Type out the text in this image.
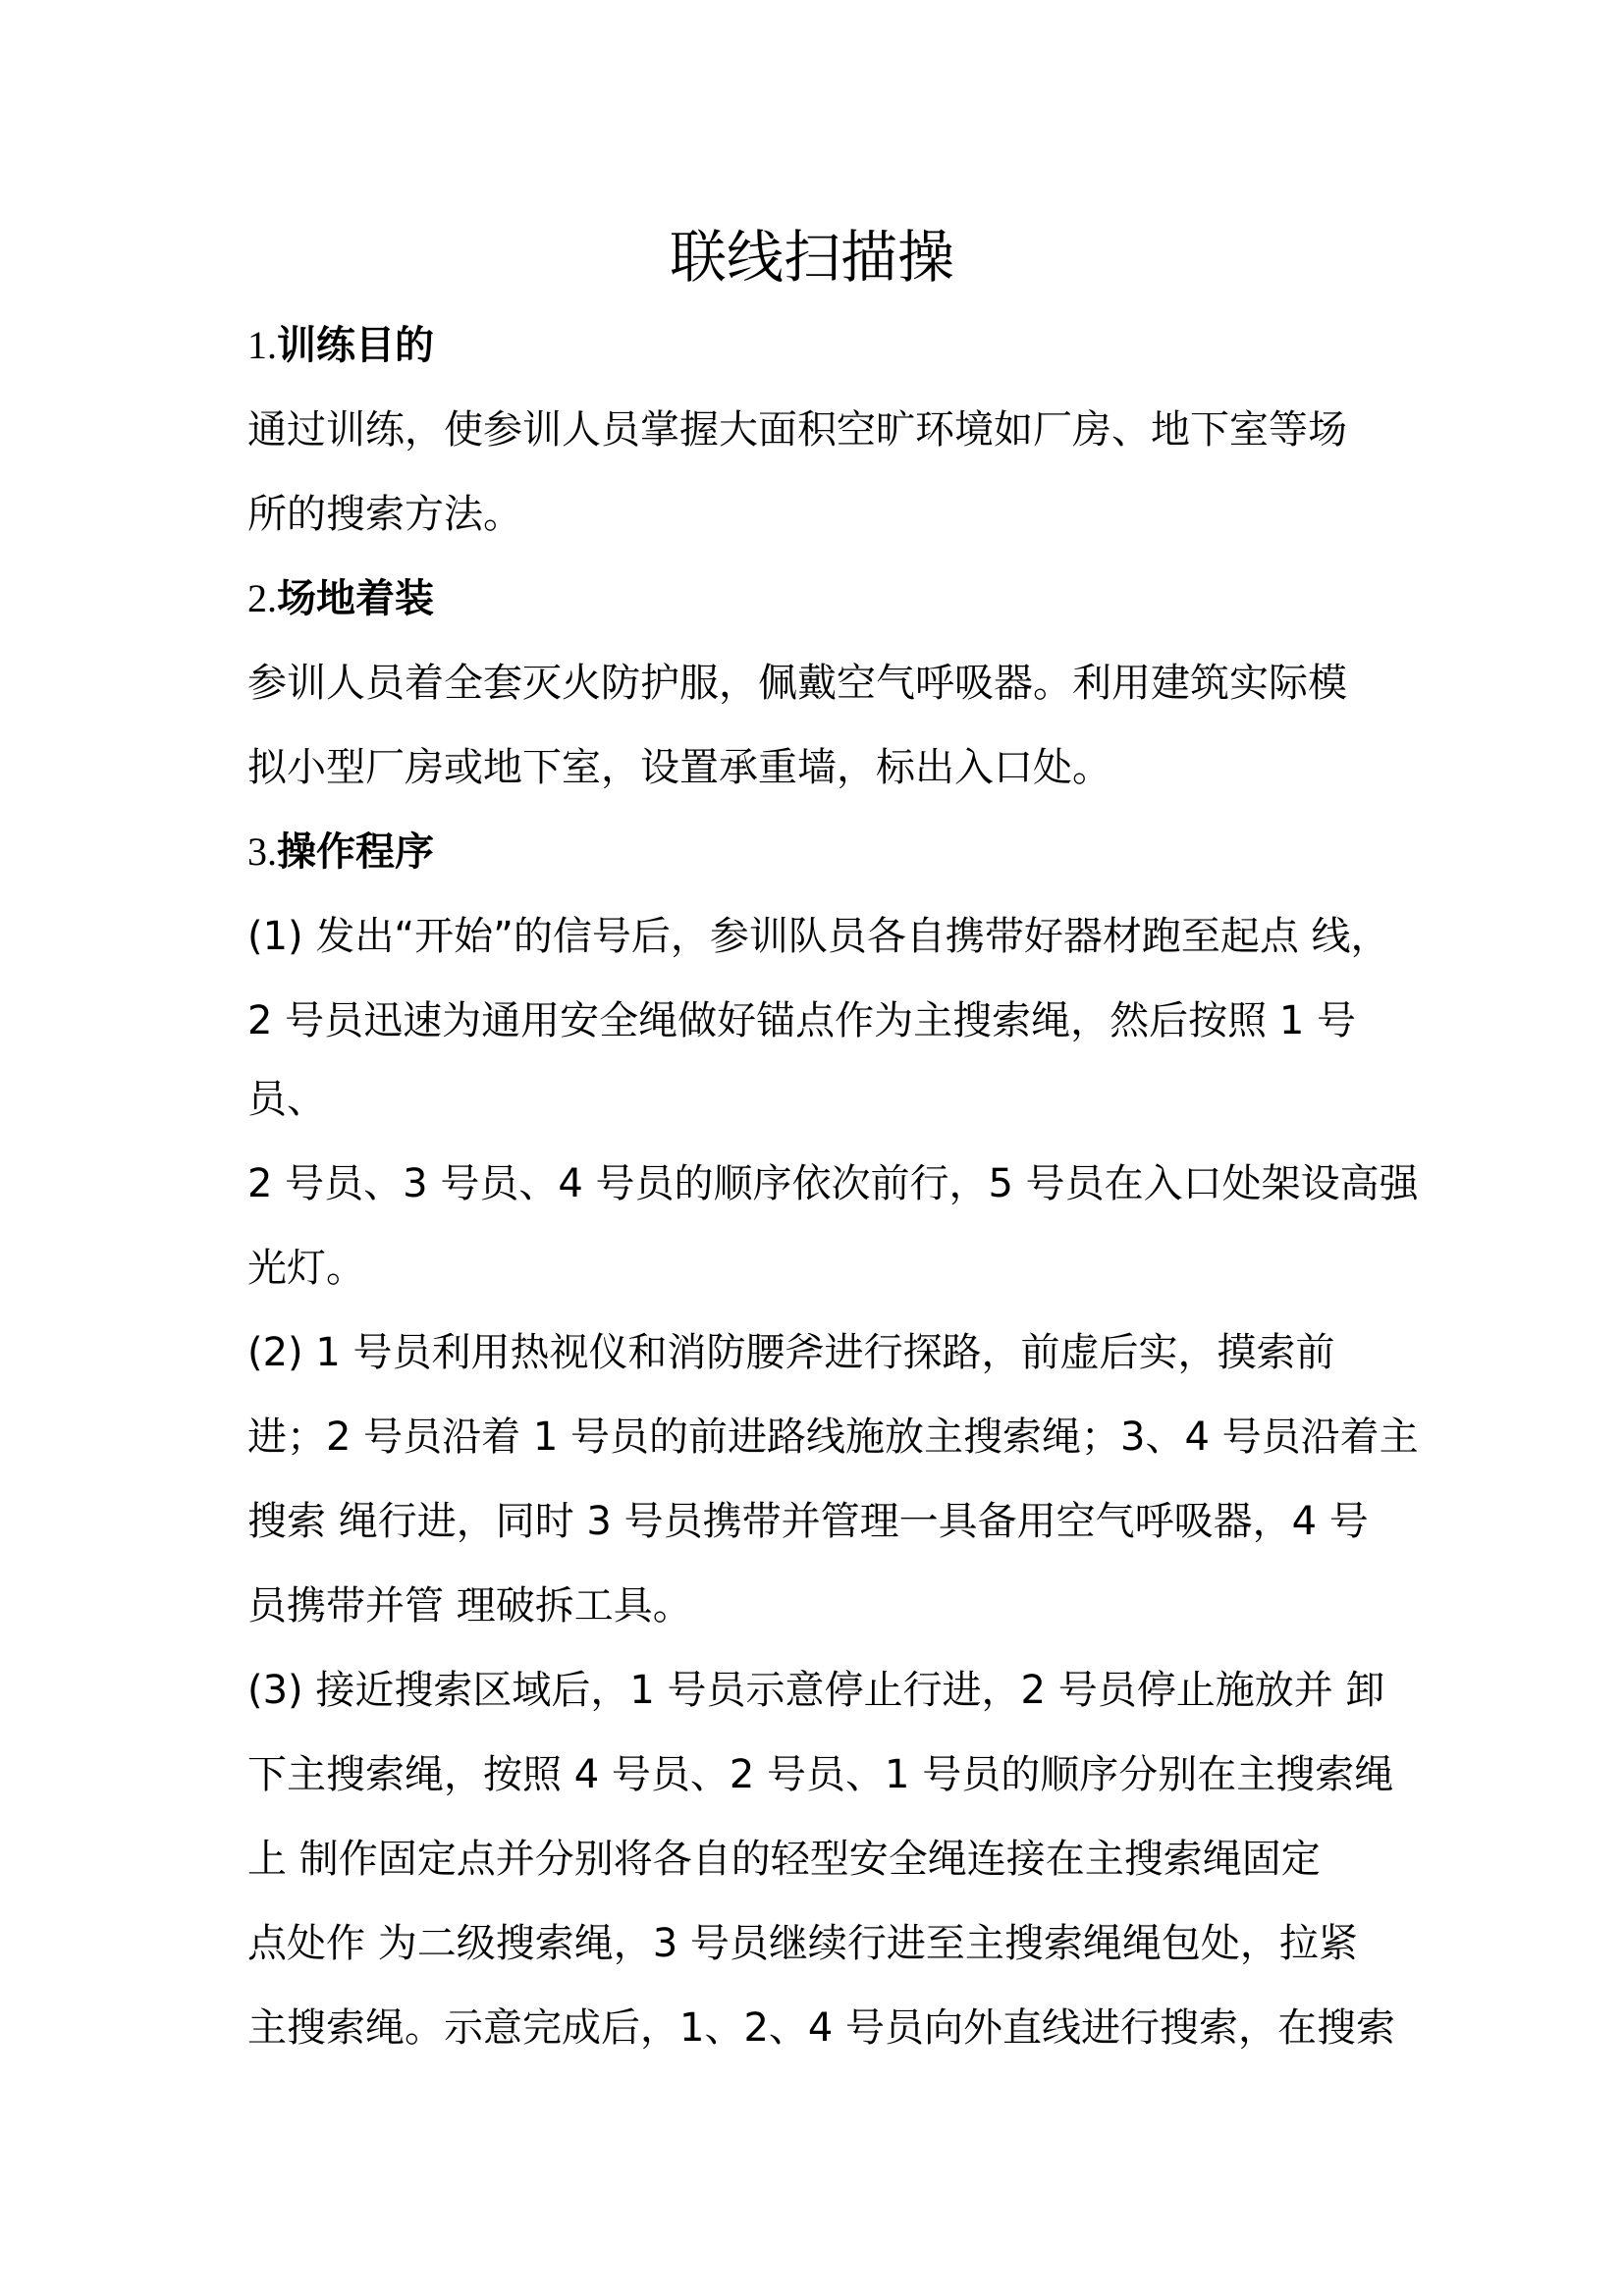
联线扫描操
1.训练目的

通过训练，使参训人员掌握大面积空旷环境如厂房、地下室等场

所的搜索方法。

2.场地着装

参训人员着全套灭火防护服，佩戴空气呼吸器。利用建筑实际模

拟小型厂房或地下室，设置承重墙，标出入口处。

3.操作程序

(1) 发出“开始”的信号后，参训队员各自携带好器材跑至起点 线，

2 号员迅速为通用安全绳做好锚点作为主搜索绳，然后按照 1 号

员、

2 号员、3 号员、4 号员的顺序依次前行，5 号员在入口处架设高强

光灯。

(2) 1 号员利用热视仪和消防腰斧进行探路，前虚后实，摸索前

进；2 号员沿着 1 号员的前进路线施放主搜索绳；3、4 号员沿着主

搜索 绳行进，同时 3 号员携带并管理一具备用空气呼吸器，4 号

员携带并管 理破拆工具。

(3) 接近搜索区域后，1 号员示意停止行进，2 号员停止施放并 卸

下主搜索绳，按照 4 号员、2 号员、1 号员的顺序分别在主搜索绳

上 制作固定点并分别将各自的轻型安全绳连接在主搜索绳固定

点处作 为二级搜索绳，3 号员继续行进至主搜索绳绳包处，拉紧

主搜索绳。示意完成后，1、2、4 号员向外直线进行搜索，在搜索
